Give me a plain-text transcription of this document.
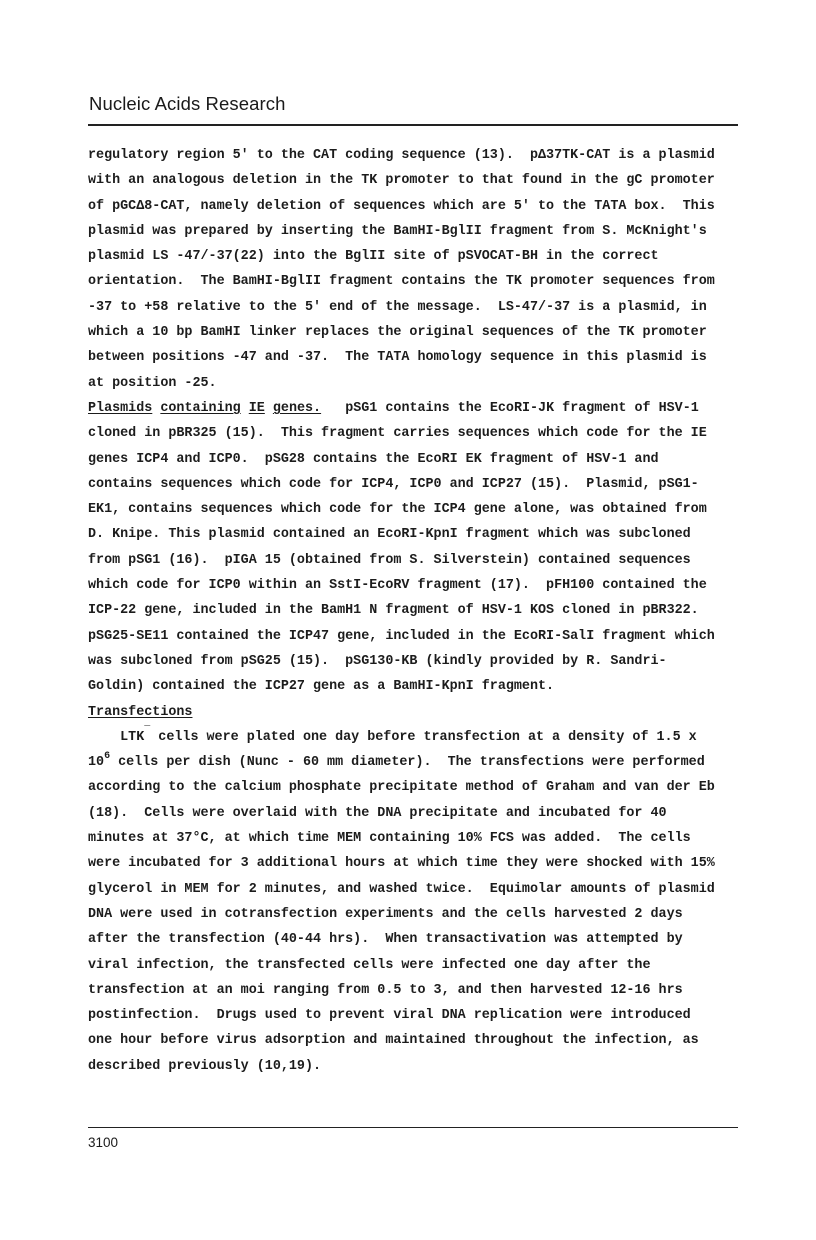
Nucleic Acids Research
regulatory region 5' to the CAT coding sequence (13).  pΔ37TK-CAT is a plasmid
with an analogous deletion in the TK promoter to that found in the gC promoter
of pGCΔ8-CAT, namely deletion of sequences which are 5' to the TATA box.  This
plasmid was prepared by inserting the BamHI-BglII fragment from S. McKnight's
plasmid LS -47/-37(22) into the BglII site of pSVOCAT-BH in the correct
orientation.  The BamHI-BglII fragment contains the TK promoter sequences from
-37 to +58 relative to the 5' end of the message.  LS-47/-37 is a plasmid, in
which a 10 bp BamHI linker replaces the original sequences of the TK promoter
between positions -47 and -37.  The TATA homology sequence in this plasmid is
at position -25.
Plasmids containing IE genes.   pSG1 contains the EcoRI-JK fragment of HSV-1
cloned in pBR325 (15).  This fragment carries sequences which code for the IE
genes ICP4 and ICP0.  pSG28 contains the EcoRI EK fragment of HSV-1 and
contains sequences which code for ICP4, ICP0 and ICP27 (15).  Plasmid, pSG1-
EK1, contains sequences which code for the ICP4 gene alone, was obtained from
D. Knipe. This plasmid contained an EcoRI-KpnI fragment which was subcloned
from pSG1 (16).  pIGA 15 (obtained from S. Silverstein) contained sequences
which code for ICP0 within an SstI-EcoRV fragment (17).  pFH100 contained the
ICP-22 gene, included in the BamH1 N fragment of HSV-1 KOS cloned in pBR322.
pSG25-SE11 contained the ICP47 gene, included in the EcoRI-SalI fragment which
was subcloned from pSG25 (15).  pSG130-KB (kindly provided by R. Sandri-
Goldin) contained the ICP27 gene as a BamHI-KpnI fragment.
Transfections
LTK¯ cells were plated one day before transfection at a density of 1.5 x
$10^6$ cells per dish (Nunc - 60 mm diameter).  The transfections were performed
according to the calcium phosphate precipitate method of Graham and van der Eb
(18).  Cells were overlaid with the DNA precipitate and incubated for 40
minutes at 37°C, at which time MEM containing 10% FCS was added.  The cells
were incubated for 3 additional hours at which time they were shocked with 15%
glycerol in MEM for 2 minutes, and washed twice.  Equimolar amounts of plasmid
DNA were used in cotransfection experiments and the cells harvested 2 days
after the transfection (40-44 hrs).  When transactivation was attempted by
viral infection, the transfected cells were infected one day after the
transfection at an moi ranging from 0.5 to 3, and then harvested 12-16 hrs
postinfection.  Drugs used to prevent viral DNA replication were introduced
one hour before virus adsorption and maintained throughout the infection, as
described previously (10,19).
3100
